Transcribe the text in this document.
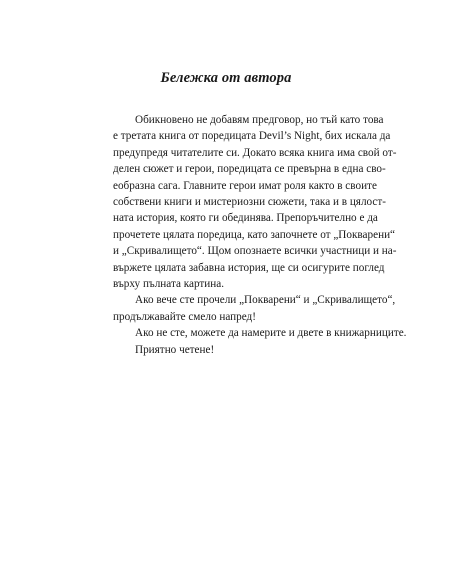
Бележка от автора
Обикновено не добавям предговор, но тъй като това
е третата книга от поредицата Devil’s Night, бих искала да
предупредя читателите си. Докато всяка книга има свой от-
делен сюжет и герои, поредицата се превърна в една сво-
еобразна сага. Главните герои имат роля както в своите
собствени книги и мистериозни сюжети, така и в цялост-
ната история, която ги обединява. Препоръчително е да
прочетете цялата поредица, като започнете от „Покварени“
и „Скривалището“. Щом опознаете всички участници и на-
вържете цялата забавна история, ще си осигурите поглед
върху пълната картина.
Ако вече сте прочели „Покварени“ и „Скривалището“,
продължавайте смело напред!
Ако не сте, можете да намерите и двете в книжарниците.
Приятно четене!
